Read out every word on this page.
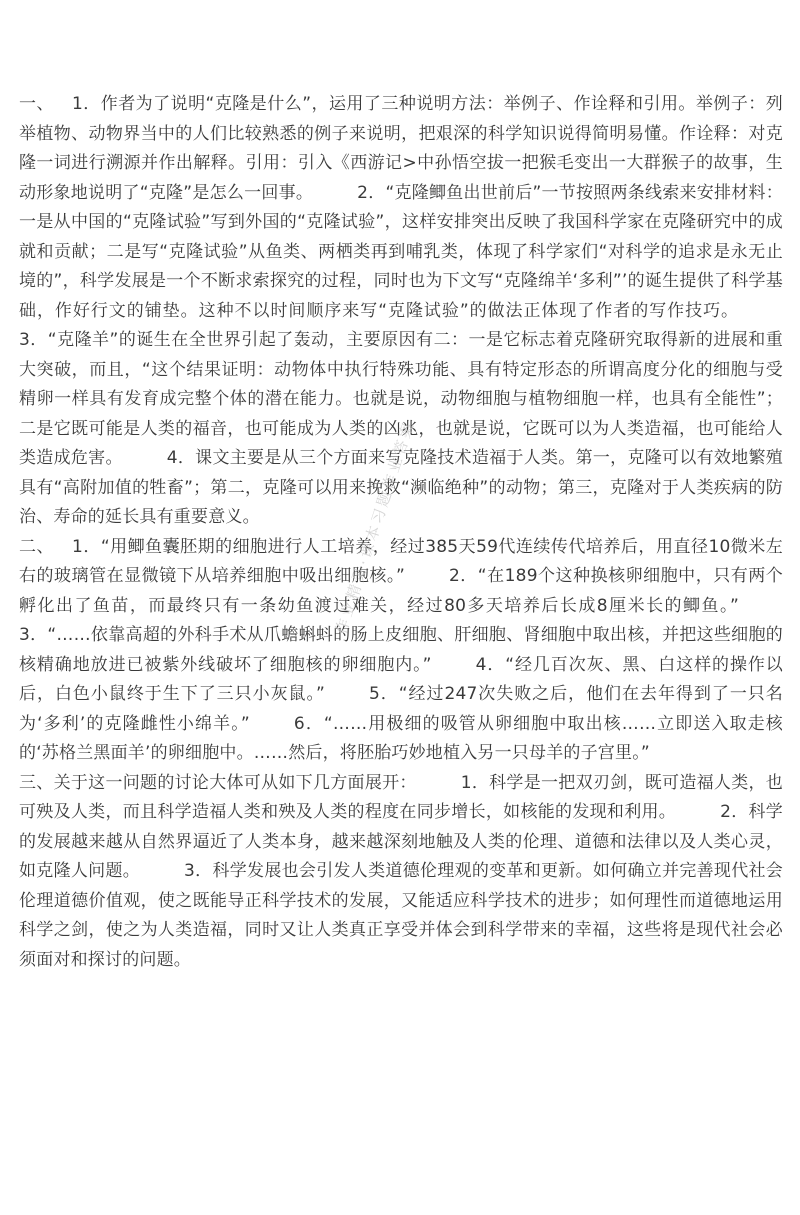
一、 1．作者为了说明“克隆是什么”，运用了三种说明方法：举例子、作诠释和引用。举例子：列举植物、动物界当中的人们比较熟悉的例子来说明，把艰深的科学知识说得简明易懂。作诠释：对克隆一词进行溯源并作出解释。引用：引入《西游记>中孙悟空拔一把猴毛变出一大群猴子的故事，生动形象地说明了“克隆”是怎么一回事。	2．“克隆鲫鱼出世前后”一节按照两条线索来安排材料：一是从中国的“克隆试验”写到外国的“克隆试验”，这样安排突出反映了我国科学家在克隆研究中的成就和贡献；二是写“克隆试验”从鱼类、两栖类再到哺乳类，体现了科学家们“对科学的追求是永无止境的”，科学发展是一个不断求索探究的过程，同时也为下文写“克隆绵羊‘多利”’的诞生提供了科学基础，作好行文的铺垫。这种不以时间顺序来写“克隆试验”的做法正体现了作者的写作技巧。3．“克隆羊”的诞生在全世界引起了轰动，主要原因有二：一是它标志着克隆研究取得新的进展和重大突破，而且，“这个结果证明：动物体中执行特殊功能、具有特定形态的所谓高度分化的细胞与受精卵一样具有发育成完整个体的潜在能力。也就是说，动物细胞与植物细胞一样，也具有全能性”；二是它既可能是人类的福音，也可能成为人类的凶兆，也就是说，它既可以为人类造福，也可能给人类造成危害。	4．课文主要是从三个方面来写克隆技术造福于人类。第一，克隆可以有效地繁殖具有“高附加值的牲畜”；第二，克隆可以用来挽救“濒临绝种”的动物；第三，克隆对于人类疾病的防治、寿命的延长具有重要意义。

二、 1．“用鲫鱼囊胚期的细胞进行人工培养，经过385天59代连续传代培养后，用直径10微米左右的玻璃管在显微镜下从培养细胞中吸出细胞核。”	2．“在189个这种换核卵细胞中，只有两个孵化出了鱼苗，而最终只有一条幼鱼渡过难关，经过80多天培养后长成8厘米长的鲫鱼。”3．“……依靠高超的外科手术从爪蟾蝌蚪的肠上皮细胞、肝细胞、肾细胞中取出核，并把这些细胞的核精确地放进已被紫外线破坏了细胞核的卵细胞内。”	4．“经几百次灰、黑、白这样的操作以后，白色小鼠终于生下了三只小灰鼠。”	5．“经过247次失败之后，他们在去年得到了一只名为‘多利’的克隆雌性小绵羊。”	6．“……用极细的吸管从卵细胞中取出核……立即送入取走核的‘苏格兰黑面羊’的卵细胞中。……然后，将胚胎巧妙地植入另一只母羊的子宫里。”

三、关于这一问题的讨论大体可从如下几方面展开：	1．科学是一把双刃剑，既可造福人类，也可殃及人类，而且科学造福人类和殃及人类的程度在同步增长，如核能的发现和利用。	2．科学的发展越来越从自然界逼近了人类本身，越来越深刻地触及人类的伦理、道德和法律以及人类心灵，如克隆人问题。	3．科学发展也会引发人类道德伦理观的变革和更新。如何确立并完善现代社会伦理道德价值观，使之既能导正科学技术的发展，又能适应科学技术的进步；如何理性而道德地运用科学之剑，使之为人类造福，同时又让人类真正享受并体会到科学带来的幸福，这些将是现代社会必须面对和探讨的问题。

作业精灵·课本习题作业答案
